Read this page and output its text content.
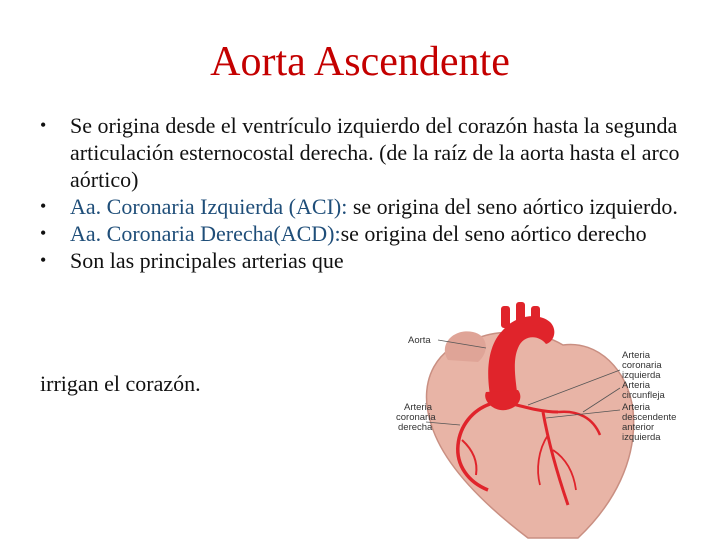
Aorta Ascendente
• Se origina desde el ventrículo izquierdo del corazón hasta la segunda articulación esternocostal derecha. (de la raíz de la aorta hasta el arco aórtico)
• Aa. Coronaria Izquierda (ACI): se origina del seno aórtico izquierdo.
• Aa. Coronaria Derecha(ACD):se origina del seno aórtico derecho
• Son las principales arterias que
irrigan el corazón.
Aorta
Arteria coronaria derecha
Arteria coronaria izquierda
Arteria circunfleja
Arteria descendente anterior izquierda
